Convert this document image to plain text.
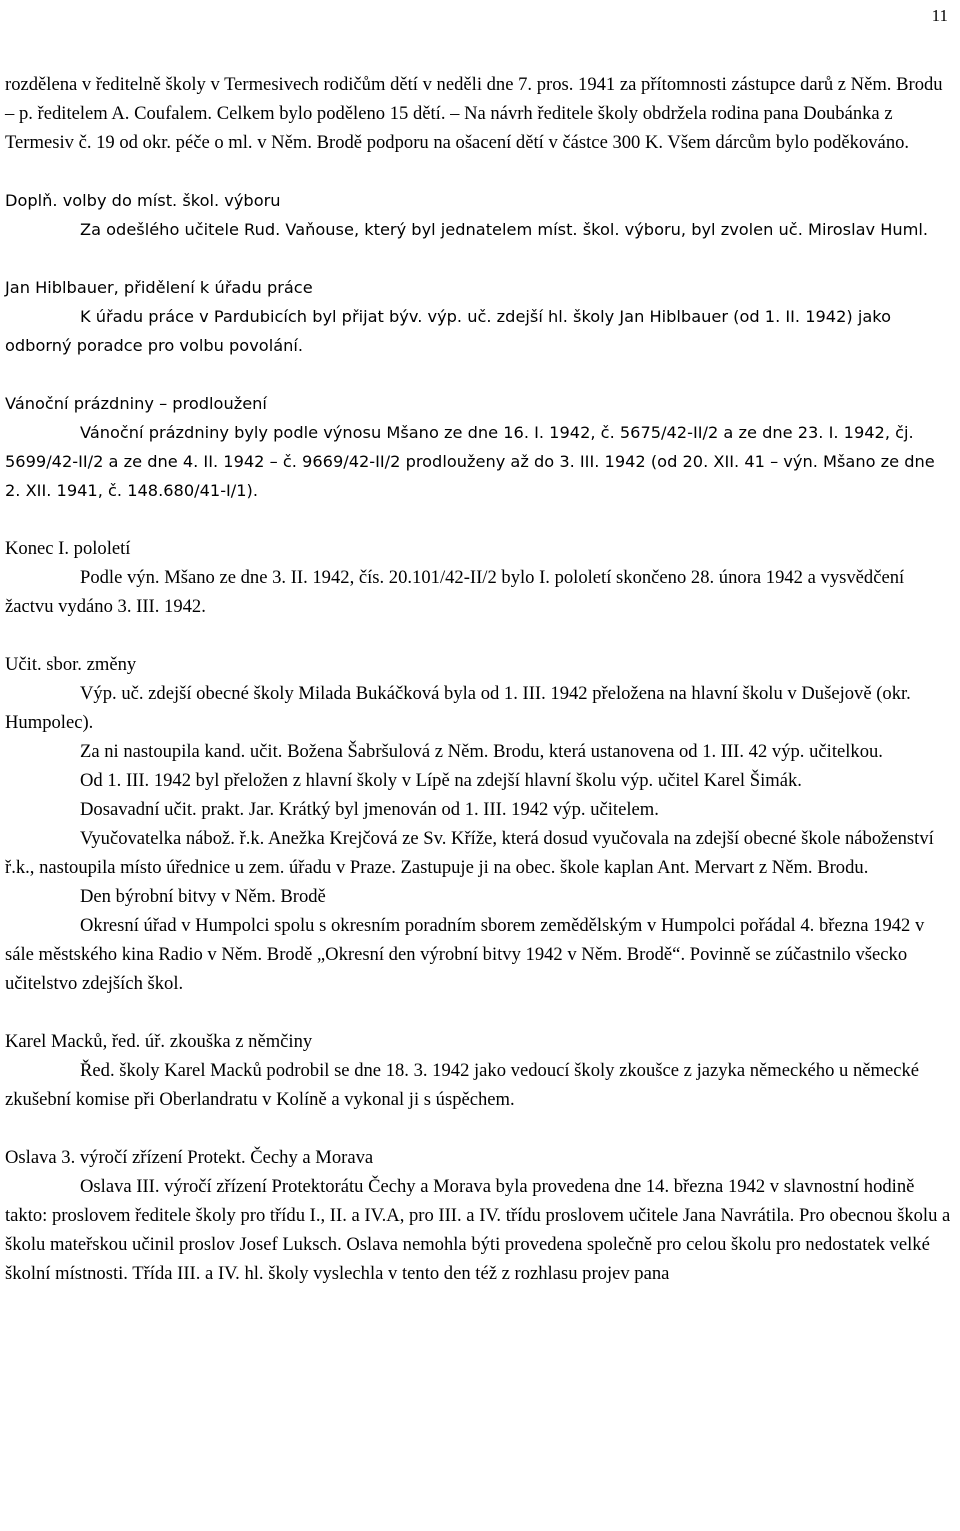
11

rozdělena v ředitelně školy v Termesivech rodičům dětí v neděli dne 7. pros. 1941 za přítomnosti zástupce darů z Něm. Brodu – p. ředitelem A. Coufalem. Celkem bylo poděleno 15 dětí. – Na návrh ředitele školy obdržela rodina pana Doubánka z Termesiv č. 19 od okr. péče o ml. v Něm. Brodě podporu na ošacení dětí v částce 300 K. Všem dárcům bylo poděkováno.

Doplň. volby do míst. škol. výboru

Za odešlého učitele Rud. Vaňouse, který byl jednatelem míst. škol. výboru, byl zvolen uč. Miroslav Huml.

Jan Hiblbauer, přidělení k úřadu práce

K úřadu práce v Pardubicích byl přijat býv. výp. uč. zdejší hl. školy Jan Hiblbauer (od 1. II. 1942) jako odborný poradce pro volbu povolání.

Vánoční prázdniny – prodloužení

Vánoční prázdniny byly podle výnosu Mšano ze dne 16. I. 1942, č. 5675/42-II/2 a ze dne 23. I. 1942, čj. 5699/42-II/2 a ze dne 4. II. 1942 – č. 9669/42-II/2 prodlouženy až do 3. III. 1942 (od 20. XII. 41 – výn. Mšano ze dne 2. XII. 1941, č. 148.680/41-I/1).

Konec I. pololetí

Podle výn. Mšano ze dne 3. II. 1942, čís. 20.101/42-II/2 bylo I. pololetí skončeno 28. února 1942 a vysvědčení žactvu vydáno 3. III. 1942.

Učit. sbor. změny

Výp. uč. zdejší obecné školy Milada Bukáčková byla od 1. III. 1942 přeložena na hlavní školu v Dušejově (okr. Humpolec).

Za ni nastoupila kand. učit. Božena Šabršulová z Něm. Brodu, která ustanovena od 1. III. 42 výp. učitelkou.

Od 1. III. 1942 byl přeložen z hlavní školy v Lípě na zdejší hlavní školu výp. učitel Karel Šimák.

Dosavadní učit. prakt. Jar. Krátký byl jmenován od 1. III. 1942 výp. učitelem.

Vyučovatelka nábož. ř.k. Anežka Krejčová ze Sv. Kříže, která dosud vyučovala na zdejší obecné škole náboženství ř.k., nastoupila místo úřednice u zem. úřadu v Praze. Zastupuje ji na obec. škole kaplan Ant. Mervart z Něm. Brodu.

Den býrobní bitvy v Něm. Brodě

Okresní úřad v Humpolci spolu s okresním poradním sborem zemědělským v Humpolci pořádal 4. března 1942 v sále městského kina Radio v Něm. Brodě „Okresní den výrobní bitvy 1942 v Něm. Brodě“. Povinně se zúčastnilo všecko učitelstvo zdejších škol.

Karel Macků, řed. úř. zkouška z němčiny

Řed. školy Karel Macků podrobil se dne 18. 3. 1942 jako vedoucí školy zkoušce z jazyka německého u německé zkušební komise při Oberlandratu v Kolíně a vykonal ji s úspěchem.

Oslava 3. výročí zřízení Protekt. Čechy a Morava

Oslava III. výročí zřízení Protektorátu Čechy a Morava byla provedena dne 14. března 1942 v slavnostní hodině takto: proslovem ředitele školy pro třídu I., II. a IV.A, pro III. a IV. třídu proslovem učitele Jana Navrátila. Pro obecnou školu a školu mateřskou učinil proslov Josef Luksch. Oslava nemohla býti provedena společně pro celou školu pro nedostatek velké školní místnosti. Třída III. a IV. hl. školy vyslechla v tento den též z rozhlasu projev pana
